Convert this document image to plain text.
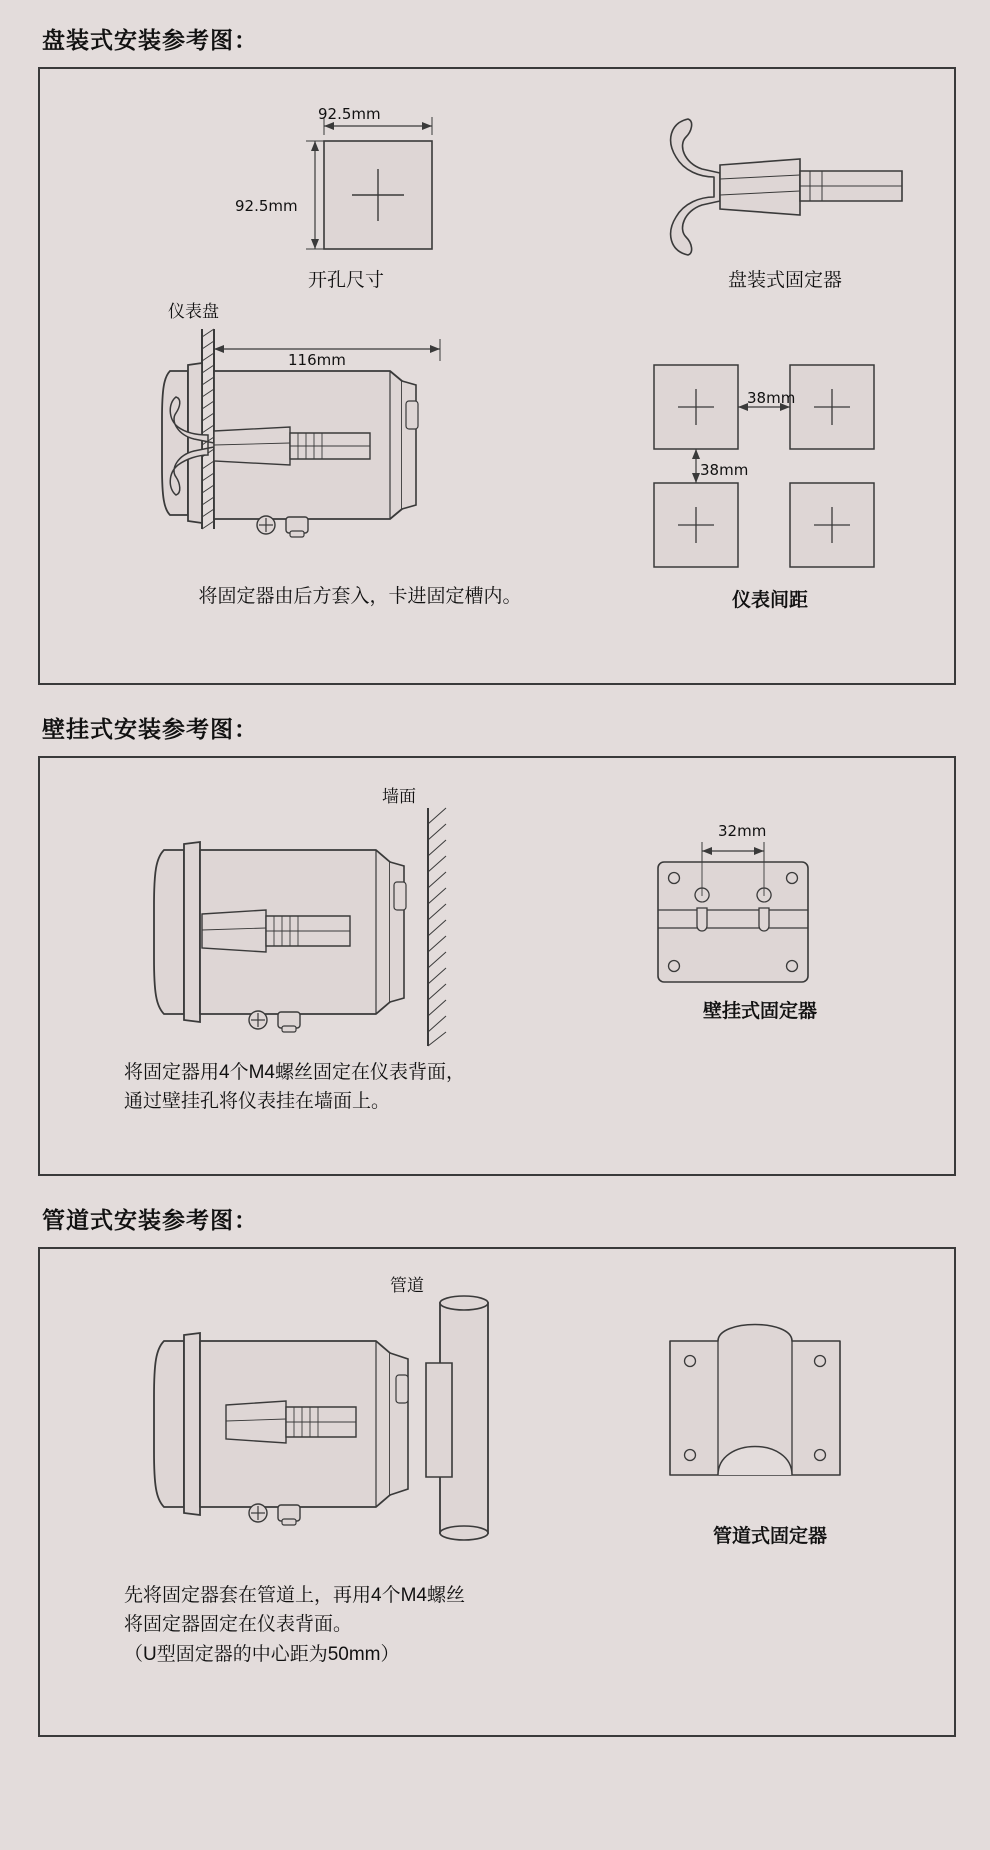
盘装式安装参考图：
92.5mm
92.5mm
开孔尺寸	盘装式固定器
仪表盘
116mm
将固定器由后方套入，卡进固定槽内。
38mm
38mm
仪表间距
壁挂式安装参考图：
墙面
32mm
壁挂式固定器
将固定器用4个M4螺丝固定在仪表背面，
通过壁挂孔将仪表挂在墙面上。
管道式安装参考图：
管道
管道式固定器
先将固定器套在管道上，再用4个M4螺丝
将固定器固定在仪表背面。
（U型固定器的中心距为50mm）
